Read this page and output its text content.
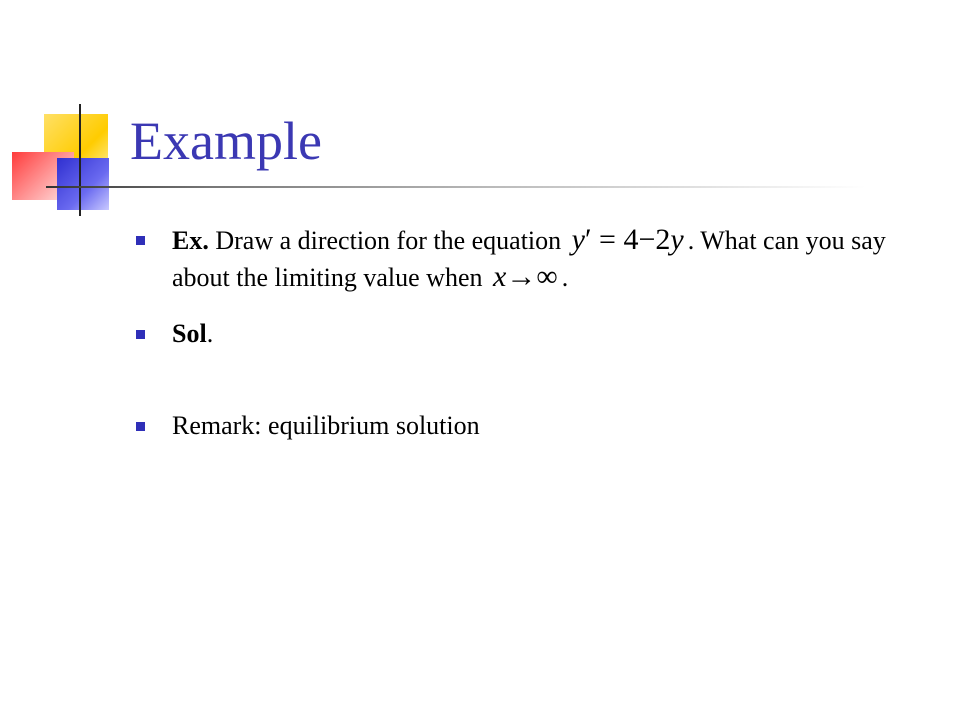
Example
Ex. Draw a direction for the equation y′ = 4−2y . What can you say about the limiting value when x→∞ .
Sol.
Remark: equilibrium solution
